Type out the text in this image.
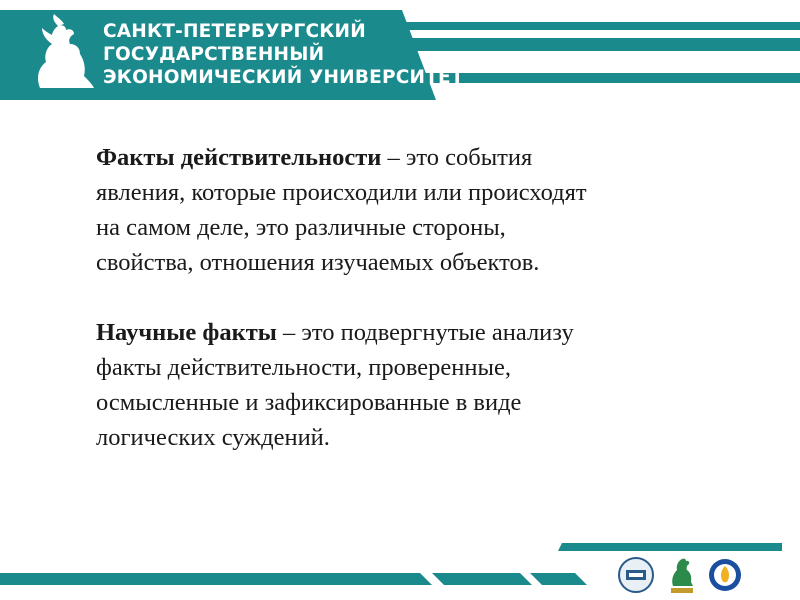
САНКТ-ПЕТЕРБУРГСКИЙ
ГОСУДАРСТВЕННЫЙ
ЭКОНОМИЧЕСКИЙ УНИВЕРСИТЕТ

Факты действительности – это события
явления, которые происходили или происходят
на самом деле, это различные стороны,
свойства, отношения изучаемых объектов.

Научные факты – это подвергнутые анализу
факты действительности, проверенные,
осмысленные и зафиксированные в виде
логических суждений.
